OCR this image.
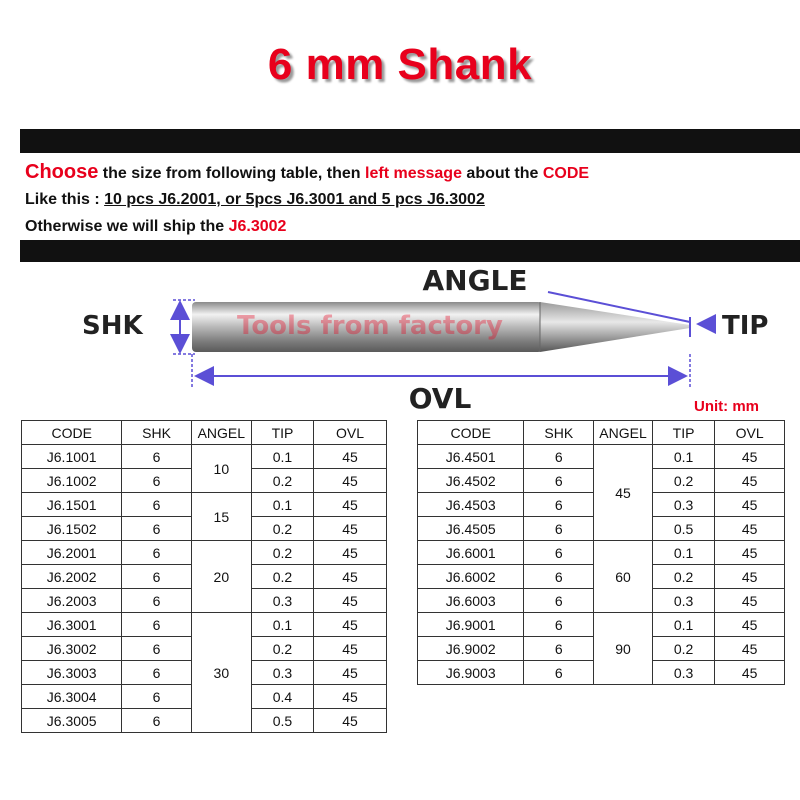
6 mm Shank
Choose the size from following table, then left message about the CODE
Like this : 10 pcs J6.2001, or 5pcs J6.3001 and 5 pcs J6.3002
Otherwise we will ship the J6.3002
ANGLE
Tools from factory	TIP
SHK
OVL	Unit: mm
CODE	SHK	ANGEL	TIP	OVL
J6.1001	6	10	0.1	45
J6.1002	6		0.2	45
J6.1501	6	15	0.1	45
J6.1502	6		0.2	45
J6.2001	6	20	0.2	45
J6.2002	6		0.2	45
J6.2003	6		0.3	45
J6.3001	6	30	0.1	45
J6.3002	6		0.2	45
J6.3003	6		0.3	45
J6.3004	6		0.4	45
J6.3005	6		0.5	45
CODE	SHK	ANGEL	TIP	OVL
J6.4501	6	45	0.1	45
J6.4502	6		0.2	45
J6.4503	6		0.3	45
J6.4505	6		0.5	45
J6.6001	6	60	0.1	45
J6.6002	6		0.2	45
J6.6003	6		0.3	45
J6.9001	6	90	0.1	45
J6.9002	6		0.2	45
J6.9003	6		0.3	45
